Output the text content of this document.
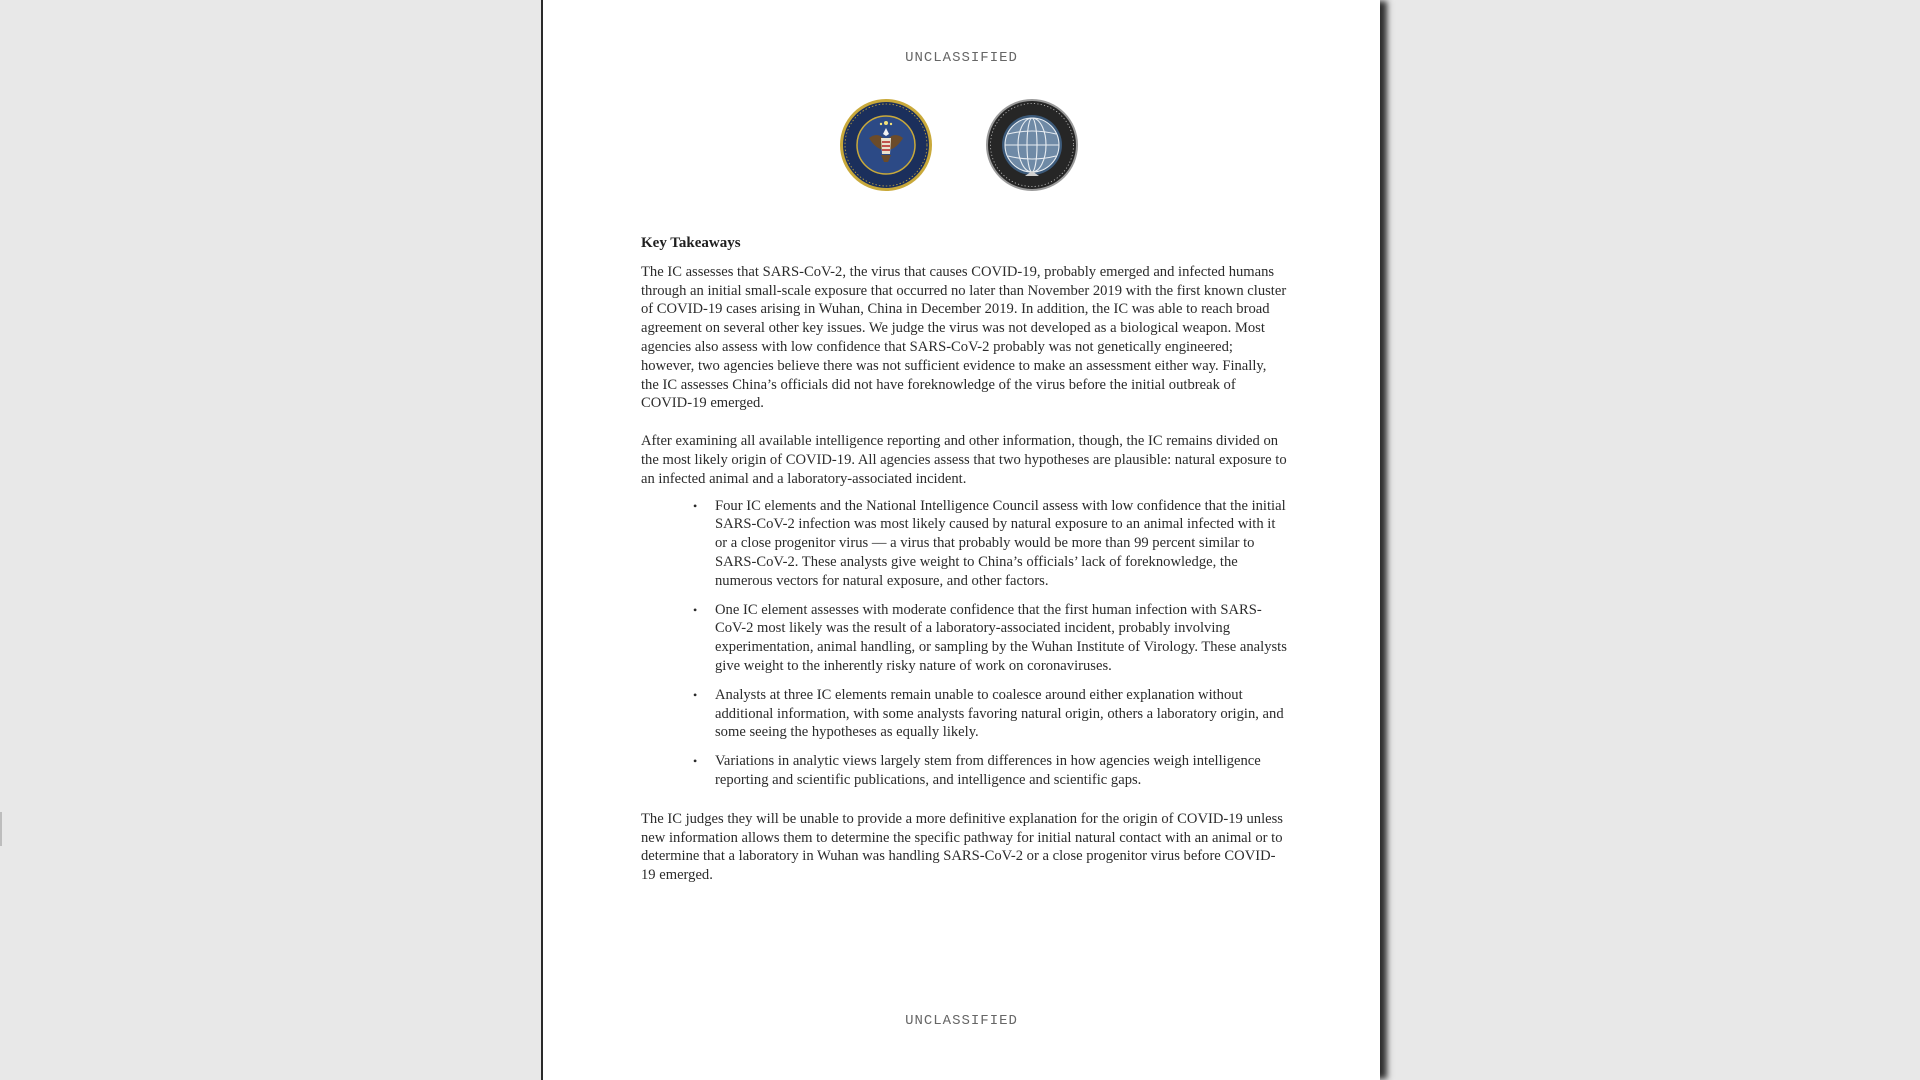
UNCLASSIFIED
Key Takeaways

The IC assesses that SARS-CoV-2, the virus that causes COVID-19, probably emerged and infected humans through an initial small-scale exposure that occurred no later than November 2019 with the first known cluster of COVID-19 cases arising in Wuhan, China in December 2019. In addition, the IC was able to reach broad agreement on several other key issues. We judge the virus was not developed as a biological weapon. Most agencies also assess with low confidence that SARS-CoV-2 probably was not genetically engineered; however, two agencies believe there was not sufficient evidence to make an assessment either way. Finally, the IC assesses China’s officials did not have foreknowledge of the virus before the initial outbreak of COVID-19 emerged.

After examining all available intelligence reporting and other information, though, the IC remains divided on the most likely origin of COVID-19. All agencies assess that two hypotheses are plausible: natural exposure to an infected animal and a laboratory-associated incident.

• Four IC elements and the National Intelligence Council assess with low confidence that the initial SARS-CoV-2 infection was most likely caused by natural exposure to an animal infected with it or a close progenitor virus — a virus that probably would be more than 99 percent similar to SARS-CoV-2. These analysts give weight to China’s officials’ lack of foreknowledge, the numerous vectors for natural exposure, and other factors.
• One IC element assesses with moderate confidence that the first human infection with SARS-CoV-2 most likely was the result of a laboratory-associated incident, probably involving experimentation, animal handling, or sampling by the Wuhan Institute of Virology. These analysts give weight to the inherently risky nature of work on coronaviruses.
• Analysts at three IC elements remain unable to coalesce around either explanation without additional information, with some analysts favoring natural origin, others a laboratory origin, and some seeing the hypotheses as equally likely.
• Variations in analytic views largely stem from differences in how agencies weigh intelligence reporting and scientific publications, and intelligence and scientific gaps.

The IC judges they will be unable to provide a more definitive explanation for the origin of COVID-19 unless new information allows them to determine the specific pathway for initial natural contact with an animal or to determine that a laboratory in Wuhan was handling SARS-CoV-2 or a close progenitor virus before COVID-19 emerged.

UNCLASSIFIED
